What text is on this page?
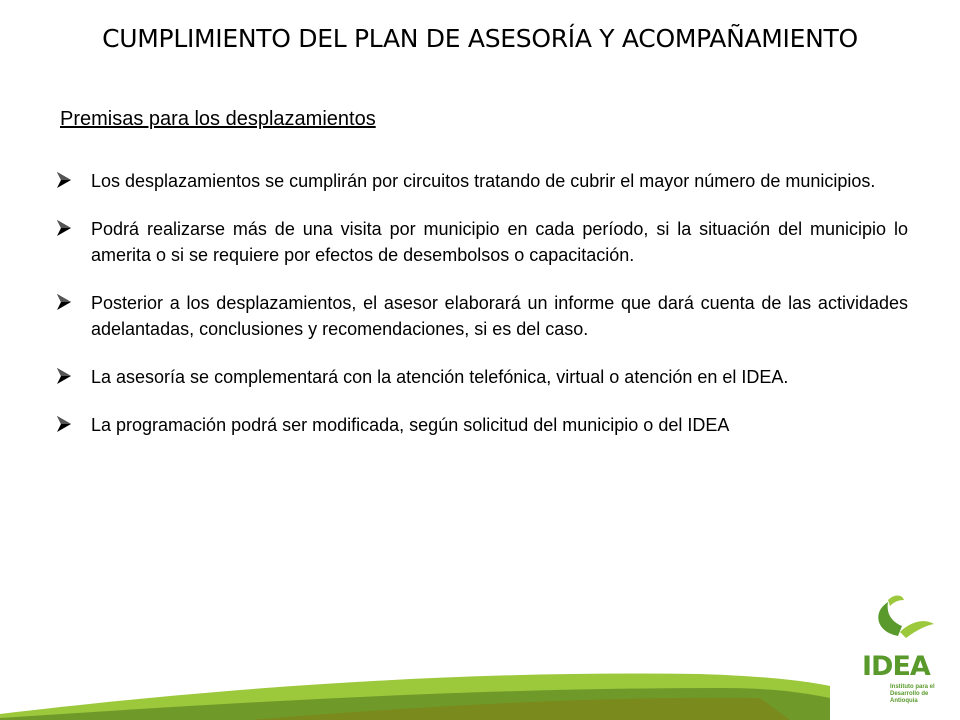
CUMPLIMIENTO DEL PLAN DE ASESORÍA Y ACOMPAÑAMIENTO
Premisas para los desplazamientos
Los desplazamientos se cumplirán por circuitos tratando de cubrir el mayor número de municipios.
Podrá realizarse más de una visita por municipio en cada período, si la situación del municipio lo amerita o si se requiere por efectos de desembolsos o capacitación.
Posterior a los desplazamientos, el asesor elaborará un informe que dará cuenta de las actividades adelantadas, conclusiones y recomendaciones, si es del caso.
La asesoría se complementará con la atención telefónica, virtual o atención en el IDEA.
La programación podrá ser modificada, según solicitud del municipio o del IDEA
IDEA
Instituto para el Desarrollo de Antioquia
